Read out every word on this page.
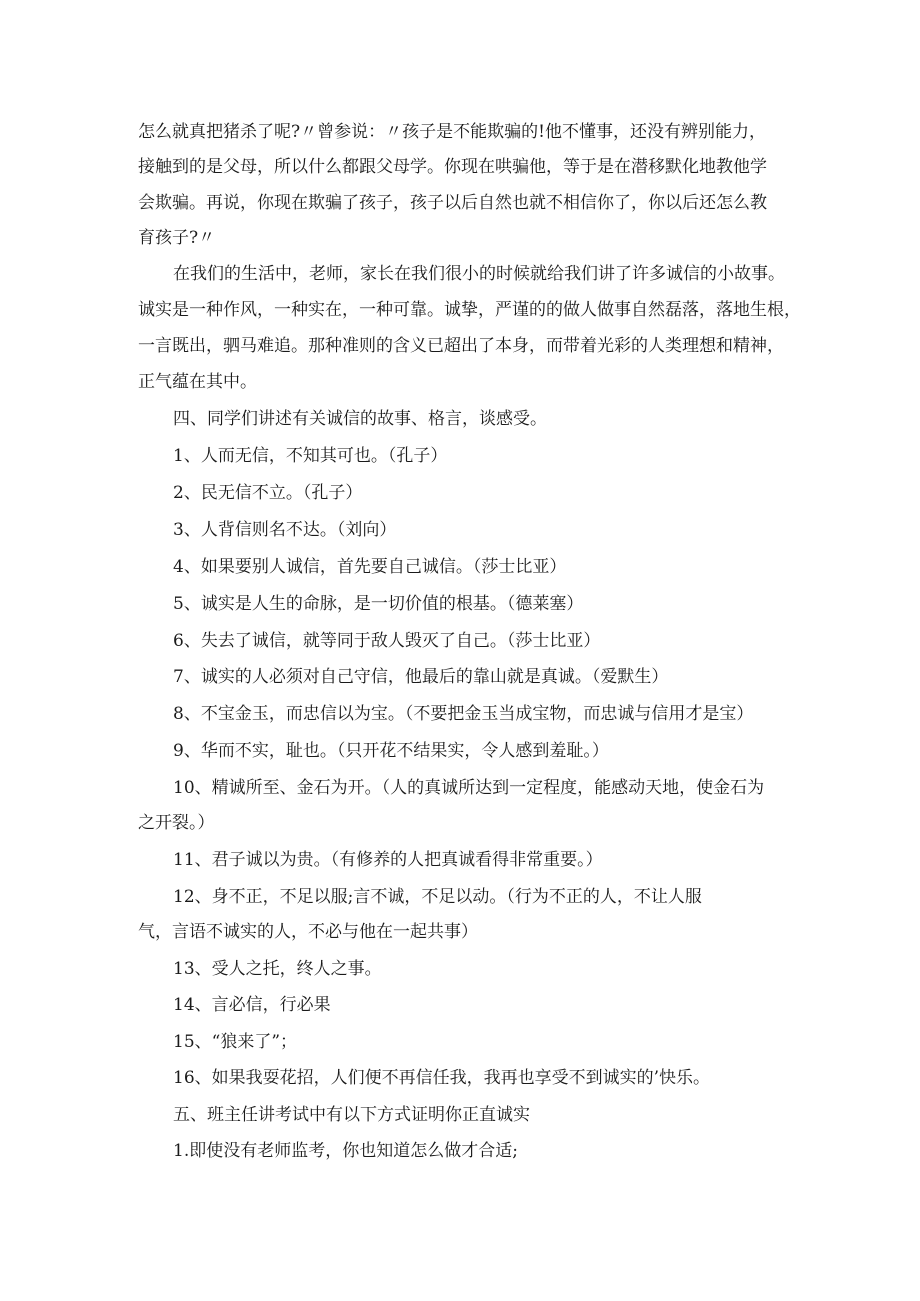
怎么就真把猪杀了呢?〃曾参说：〃孩子是不能欺骗的!他不懂事，还没有辨别能力，
接触到的是父母，所以什么都跟父母学。你现在哄骗他，等于是在潜移默化地教他学
会欺骗。再说，你现在欺骗了孩子，孩子以后自然也就不相信你了，你以后还怎么教
育孩子?〃
在我们的生活中，老师，家长在我们很小的时候就给我们讲了许多诚信的小故事。
诚实是一种作风，一种实在，一种可靠。诚挚，严谨的的做人做事自然磊落，落地生根，
一言既出，驷马难追。那种准则的含义已超出了本身，而带着光彩的人类理想和精神，
正气蕴在其中。
四、同学们讲述有关诚信的故事、格言，谈感受。
1、人而无信，不知其可也。（孔子）
2、民无信不立。（孔子）
3、人背信则名不达。（刘向）
4、如果要别人诚信，首先要自己诚信。（莎士比亚）
5、诚实是人生的命脉，是一切价值的根基。（德莱塞）
6、失去了诚信，就等同于敌人毁灭了自己。（莎士比亚）
7、诚实的人必须对自己守信，他最后的靠山就是真诚。（爱默生）
8、不宝金玉，而忠信以为宝。（不要把金玉当成宝物，而忠诚与信用才是宝）
9、华而不实，耻也。（只开花不结果实，令人感到羞耻。）
10、精诚所至、金石为开。（人的真诚所达到一定程度，能感动天地，使金石为
之开裂。）
11、君子诚以为贵。（有修养的人把真诚看得非常重要。）
12、身不正，不足以服;言不诚，不足以动。（行为不正的人，不让人服
气，言语不诚实的人，不必与他在一起共事）
13、受人之托，终人之事。
14、言必信，行必果
15、“狼来了”；
16、如果我耍花招，人们便不再信任我，我再也享受不到诚实的’快乐。
五、班主任讲考试中有以下方式证明你正直诚实
1.即使没有老师监考，你也知道怎么做才合适;
